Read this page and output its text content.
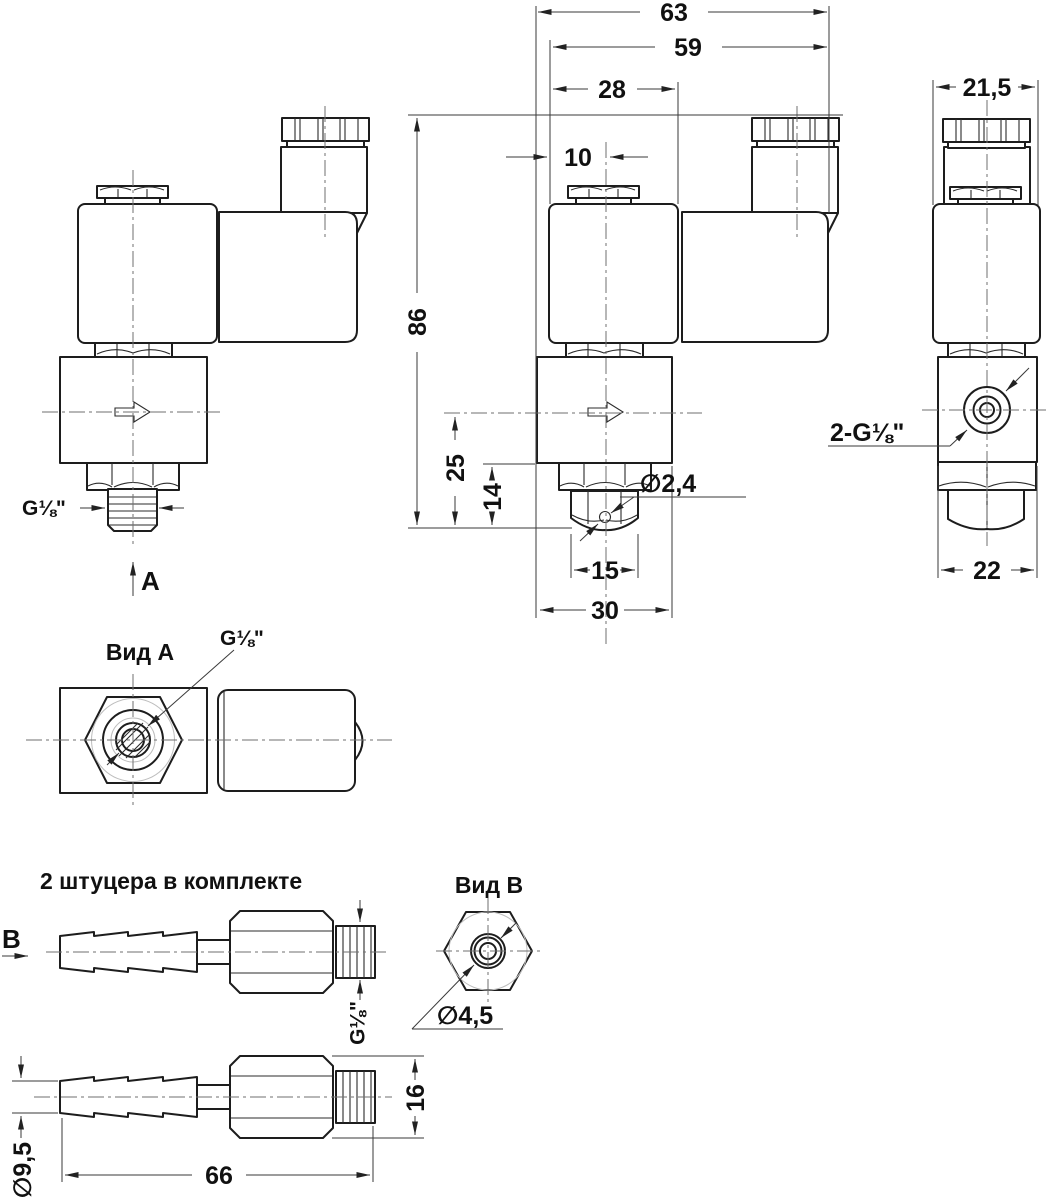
G⅛"
A
63
59
28
10
86
25
14
15
30
∅2,4
21,5
22
2-G⅛"
G⅛"
Вид А
2 штуцера в комплекте
B
G⅛"
∅9,5	66
16
∅4,5
Вид В
